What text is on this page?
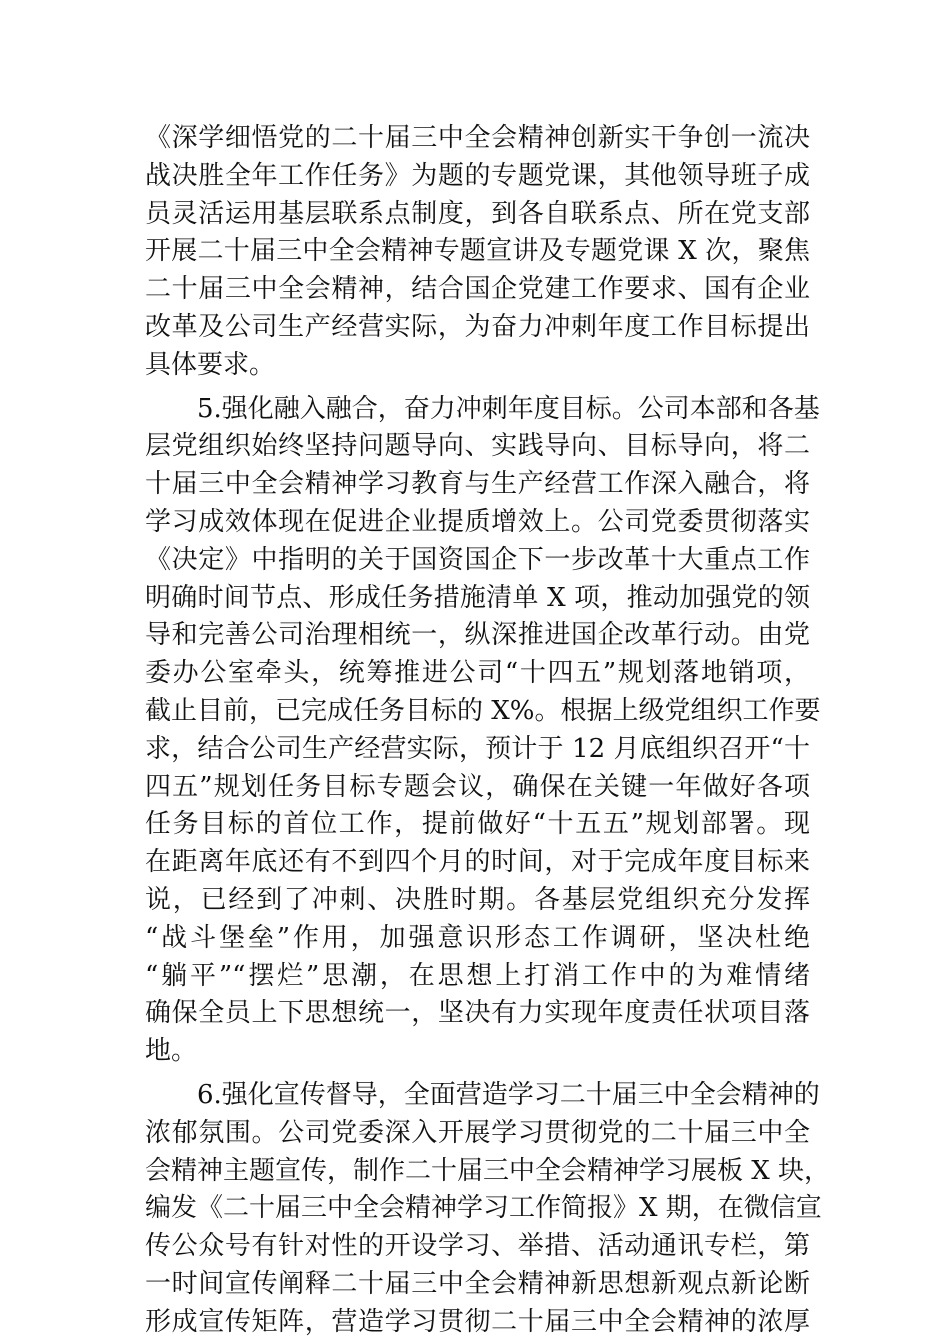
《深学细悟党的二十届三中全会精神创新实干争创一流决
战决胜全年工作任务》为题的专题党课，其他领导班子成
员灵活运用基层联系点制度，到各自联系点、所在党支部
开展二十届三中全会精神专题宣讲及专题党课 X 次，聚焦
二十届三中全会精神，结合国企党建工作要求、国有企业
改革及公司生产经营实际，为奋力冲刺年度工作目标提出
具体要求。
5.强化融入融合，奋力冲刺年度目标。公司本部和各基
层党组织始终坚持问题导向、实践导向、目标导向，将二
十届三中全会精神学习教育与生产经营工作深入融合，将
学习成效体现在促进企业提质增效上。公司党委贯彻落实
《决定》中指明的关于国资国企下一步改革十大重点工作
明确时间节点、形成任务措施清单 X 项，推动加强党的领
导和完善公司治理相统一，纵深推进国企改革行动。由党
委办公室牵头，统筹推进公司“十四五”规划落地销项，
截止目前，已完成任务目标的 X%。根据上级党组织工作要
求，结合公司生产经营实际，预计于 12 月底组织召开“十
四五”规划任务目标专题会议，确保在关键一年做好各项
任务目标的首位工作，提前做好“十五五”规划部署。现
在距离年底还有不到四个月的时间，对于完成年度目标来
说，已经到了冲刺、决胜时期。各基层党组织充分发挥
“战斗堡垒”作用，加强意识形态工作调研，坚决杜绝
“躺平”“摆烂”思潮，在思想上打消工作中的为难情绪
确保全员上下思想统一，坚决有力实现年度责任状项目落
地。
6.强化宣传督导，全面营造学习二十届三中全会精神的
浓郁氛围。公司党委深入开展学习贯彻党的二十届三中全
会精神主题宣传，制作二十届三中全会精神学习展板 X 块，
编发《二十届三中全会精神学习工作简报》X 期，在微信宣
传公众号有针对性的开设学习、举措、活动通讯专栏，第
一时间宣传阐释二十届三中全会精神新思想新观点新论断
形成宣传矩阵，营造学习贯彻二十届三中全会精神的浓厚
